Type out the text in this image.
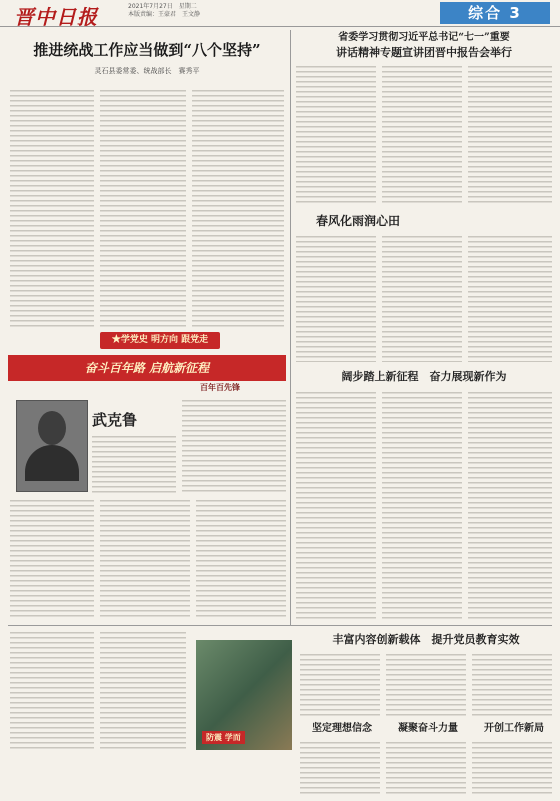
晋中日报	2021年7月27日　星期二
本版责编：王豪君　王文静	综合 3
推进统战工作应当做到“八个坚持”
灵石县委常委、统战部长　赛秀平
★学党史 明方向 跟党走
奋斗百年路 启航新征程
百年百先锋
武克鲁
省委学习贯彻习近平总书记“七一”重要
讲话精神专题宣讲团晋中报告会举行
春风化雨润心田
阔步踏上新征程　奋力展现新作为
防震 学而
丰富内容创新载体　提升党员教育实效
坚定理想信念	凝聚奋斗力量	开创工作新局
